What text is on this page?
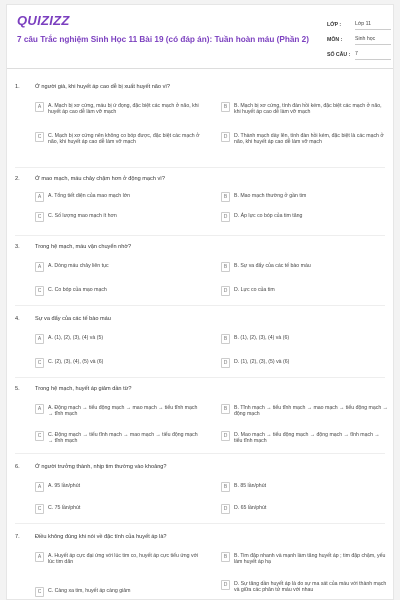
QUIZIZZ
7 câu Trắc nghiệm Sinh Học 11 Bài 19 (có đáp án): Tuần hoàn máu (Phần 2)
LỚP :	Lớp 11
MÔN :	Sinh học
SỐ CÂU : 7
1.	Ở người già, khi huyết áp cao dễ bị xuất huyết não vì?
A	A. Mạch bị xơ cứng, máu bị ứ đọng, đặc biệt các mạch ở não, khi huyết áp cao dễ làm vỡ mạch
B	B. Mạch bị xơ cứng, tính đàn hồi kém, đặc biệt các mạch ở não, khi huyết áp cao dễ làm vỡ mạch
C	C. Mạch bị xơ cứng nên không co bóp được, đặc biệt các mạch ở não, khi huyết áp cao dễ làm vỡ mạch
D	D. Thành mạch dày lên, tính đàn hồi kém, đặc biệt là các mạch ở não, khi huyết áp cao dễ làm vỡ mạch
2.	Ở mao mạch, máu chảy chậm hơn ở động mạch vì?
A	A. Tổng tiết diện của mao mạch lớn	B	B. Mao mạch thường ở gần tim
C	C. Số lượng mao mạch ít hơn	D	D. Áp lực co bóp của tim tăng
3.	Trong hệ mạch, máu vận chuyển nhờ?
A	A. Dòng máu chảy liên tục	B	B. Sự va đẩy của các tế bào máu
C	C. Co bóp của mạo mạch	D	D. Lực co của tim
4.	Sự va đẩy của các tế bào máu
A	A. (1), (2), (3), (4) và (5)	B	B. (1), (2), (3), (4) và (6)
C	C. (2), (3), (4), (5) và (6)	D	D. (1), (2), (3), (5) và (6)
5.	Trong hệ mạch, huyết áp giảm dần từ?
A	A. Động mạch → tiểu động mạch → mao mạch → tiểu tĩnh mạch → tĩnh mạch
B	B. Tĩnh mạch → tiểu tĩnh mạch → mao mạch → tiểu động mạch → động mạch
C	C. Động mạch → tiểu tĩnh mạch → mao mạch → tiểu động mạch → tĩnh mạch
D	D. Mao mạch → tiểu động mạch → động mạch → tĩnh mạch → tiểu tĩnh mạch
6.	Ở người trưởng thành, nhịp tim thường vào khoảng?
A	A. 95 lần/phút	B	B. 85 lần/phút
C	C. 75 lần/phút	D	D. 65 lần/phút
7.	Điều không đúng khi nói về đặc tính của huyết áp là?
A	A. Huyết áp cực đại ứng với lúc tim co, huyết áp cực tiểu ứng với lúc tim dãn
B	B. Tim đập nhanh và mạnh làm tăng huyết áp ; tim đập chậm, yếu làm huyết áp hạ
C	C. Càng xa tim, huyết áp càng giảm
D	D. Sự tăng dần huyết áp là do sự ma sát của máu với thành mạch và giữa các phân tử máu với nhau
